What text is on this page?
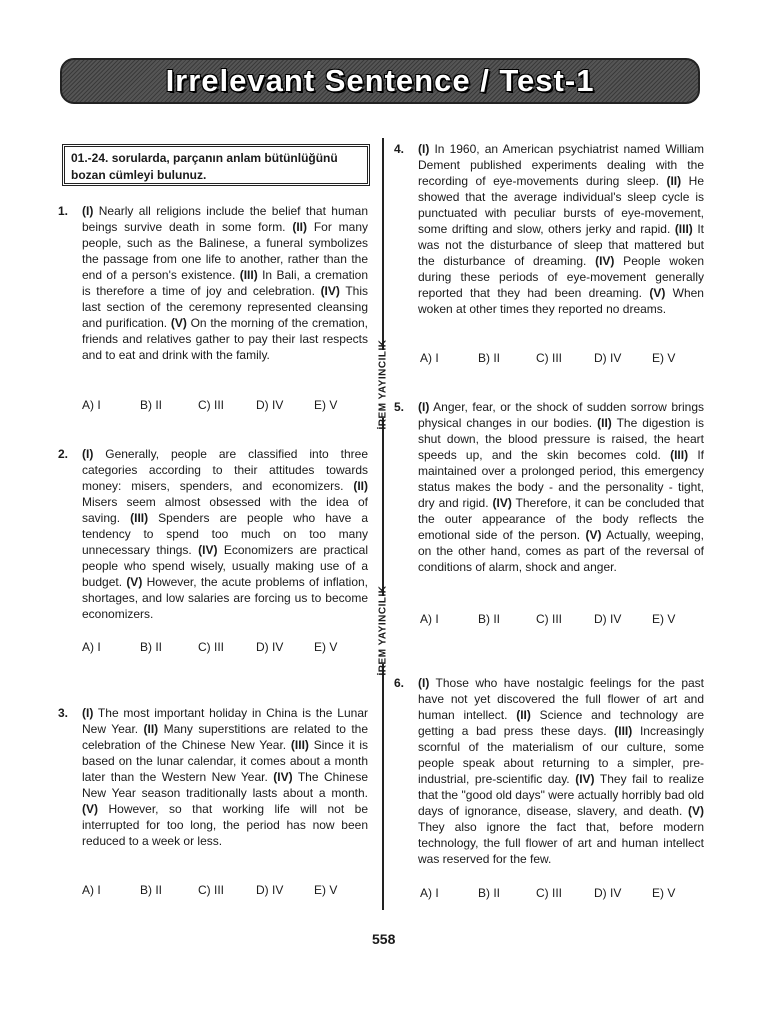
Irrelevant Sentence / Test-1
İREM YAYINCILIK
İREM YAYINCILIK
01.-24. sorularda, parçanın anlam bütünlüğünü bozan cümleyi bulunuz.
1. (I) Nearly all religions include the belief that human beings survive death in some form. (II) For many people, such as the Balinese, a funeral symbolizes the passage from one life to another, rather than the end of a person's existence. (III) In Bali, a cremation is therefore a time of joy and celebration. (IV) This last section of the ceremony represented cleansing and purification. (V) On the morning of the cremation, friends and relatives gather to pay their last respects and to eat and drink with the family.
A) I	B) II	C) III	D) IV	E) V
2. (I) Generally, people are classified into three categories according to their attitudes towards money: misers, spenders, and economizers. (II) Misers seem almost obsessed with the idea of saving. (III) Spenders are people who have a tendency to spend too much on too many unnecessary things. (IV) Economizers are practical people who spend wisely, usually making use of a budget. (V) However, the acute problems of inflation, shortages, and low salaries are forcing us to become economizers.
A) I	B) II	C) III	D) IV	E) V
3. (I) The most important holiday in China is the Lunar New Year. (II) Many superstitions are related to the celebration of the Chinese New Year. (III) Since it is based on the lunar calendar, it comes about a month later than the Western New Year. (IV) The Chinese New Year season traditionally lasts about a month. (V) However, so that working life will not be interrupted for too long, the period has now been reduced to a week or less.
A) I	B) II	C) III	D) IV	E) V
4. (I) In 1960, an American psychiatrist named William Dement published experiments dealing with the recording of eye-movements during sleep. (II) He showed that the average individual's sleep cycle is punctuated with peculiar bursts of eye-movement, some drifting and slow, others jerky and rapid. (III) It was not the disturbance of sleep that mattered but the disturbance of dreaming. (IV) People woken during these periods of eye-movement generally reported that they had been dreaming. (V) When woken at other times they reported no dreams.
A) I	B) II	C) III	D) IV	E) V
5. (I) Anger, fear, or the shock of sudden sorrow brings physical changes in our bodies. (II) The digestion is shut down, the blood pressure is raised, the heart speeds up, and the skin becomes cold. (III) If maintained over a prolonged period, this emergency status makes the body - and the personality - tight, dry and rigid. (IV) Therefore, it can be concluded that the outer appearance of the body reflects the emotional side of the person. (V) Actually, weeping, on the other hand, comes as part of the reversal of conditions of alarm, shock and anger.
A) I	B) II	C) III	D) IV	E) V
6. (I) Those who have nostalgic feelings for the past have not yet discovered the full flower of art and human intellect. (II) Science and technology are getting a bad press these days. (III) Increasingly scornful of the materialism of our culture, some people speak about returning to a simpler, pre-industrial, pre-scientific day. (IV) They fail to realize that the "good old days" were actually horribly bad old days of ignorance, disease, slavery, and death. (V) They also ignore the fact that, before modern technology, the full flower of art and human intellect was reserved for the few.
A) I	B) II	C) III	D) IV	E) V
558
